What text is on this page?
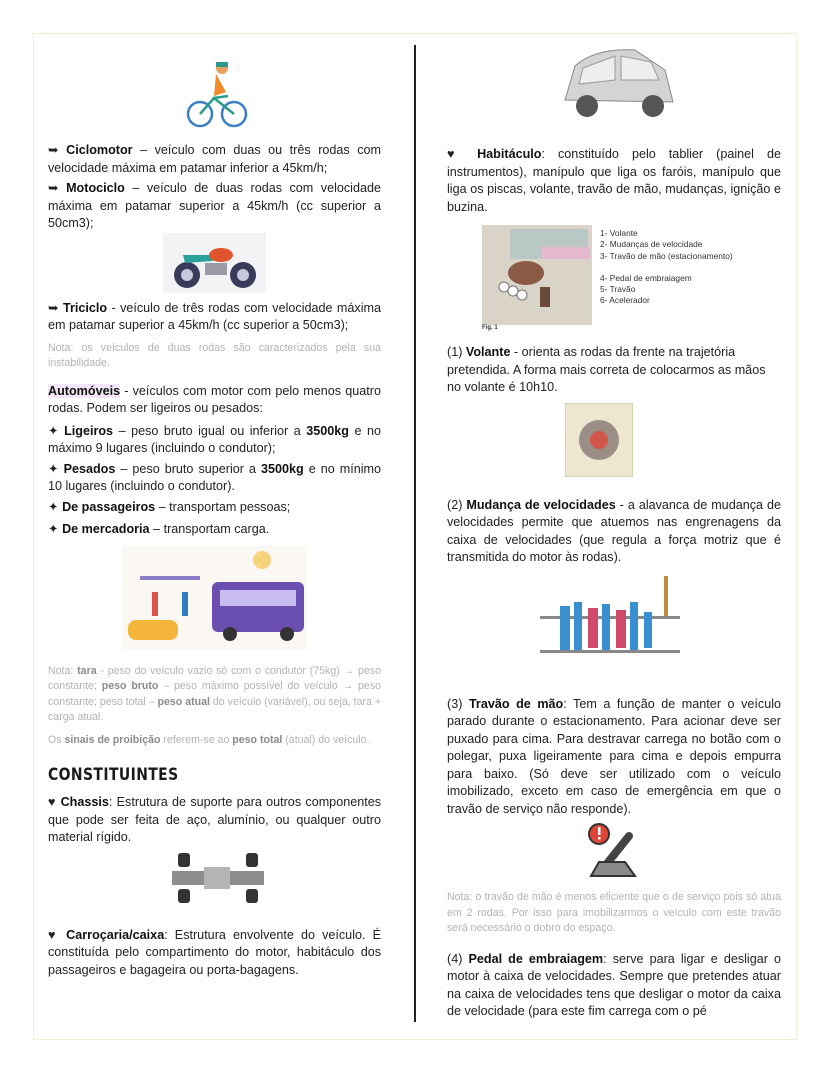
➥ Ciclomotor – veículo com duas ou três rodas com velocidade máxima em patamar inferior a 45km/h;
➥ Motociclo – veículo de duas rodas com velocidade máxima em patamar superior a 45km/h (cc superior a 50cm3);
➥ Triciclo - veículo de três rodas com velocidade máxima em patamar superior a 45km/h (cc superior a 50cm3);
Nota: os veículos de duas rodas são caracterizados pela sua instabilidade.
Automóveis - veículos com motor com pelo menos quatro rodas. Podem ser ligeiros ou pesados:
✦ Ligeiros – peso bruto igual ou inferior a 3500kg e no máximo 9 lugares (incluindo o condutor);
✦ Pesados – peso bruto superior a 3500kg e no mínimo 10 lugares (incluindo o condutor).
✦ De passageiros – transportam pessoas;
✦ De mercadoria – transportam carga.
Nota: tara - peso do veículo vazio só com o condutor (75kg) → peso constante; peso bruto – peso máximo possível do veículo → peso constante; peso total – peso atual do veículo (variável), ou seja, tara + carga atual.
Os sinais de proibição referem-se ao peso total (atual) do veículo.
CONSTITUINTES
♥ Chassis: Estrutura de suporte para outros componentes que pode ser feita de aço, alumínio, ou qualquer outro material rígido.
♥ Carroçaria/caixa: Estrutura envolvente do veículo. É constituída pelo compartimento do motor, habitáculo dos passageiros e bagageira ou porta-bagagens.
♥ Habitáculo: constituído pelo tablier (painel de instrumentos), manípulo que liga os faróis, manípulo que liga os piscas, volante, travão de mão, mudanças, ignição e buzina.
Fig. 1
1- Volante
2- Mudanças de velocidade
3- Travão de mão (estacionamento)
4- Pedal de embraiagem
5- Travão
6- Acelerador
(1) Volante - orienta as rodas da frente na trajetória pretendida. A forma mais correta de colocarmos as mãos no volante é 10h10.
(2) Mudança de velocidades - a alavanca de mudança de velocidades permite que atuemos nas engrenagens da caixa de velocidades (que regula a força motriz que é transmitida do motor às rodas).
(3) Travão de mão: Tem a função de manter o veículo parado durante o estacionamento. Para acionar deve ser puxado para cima. Para destravar carrega no botão com o polegar, puxa ligeiramente para cima e depois empurra para baixo. (Só deve ser utilizado com o veículo imobilizado, exceto em caso de emergência em que o travão de serviço não responde).
Nota: o travão de mão é menos eficiente que o de serviço pois só atua em 2 rodas. Por isso para imobilizarmos o veículo com este travão será necessário o dobro do espaço.
(4) Pedal de embraiagem: serve para ligar e desligar o motor à caixa de velocidades. Sempre que pretendes atuar na caixa de velocidades tens que desligar o motor da caixa de velocidade (para este fim carrega com o pé
